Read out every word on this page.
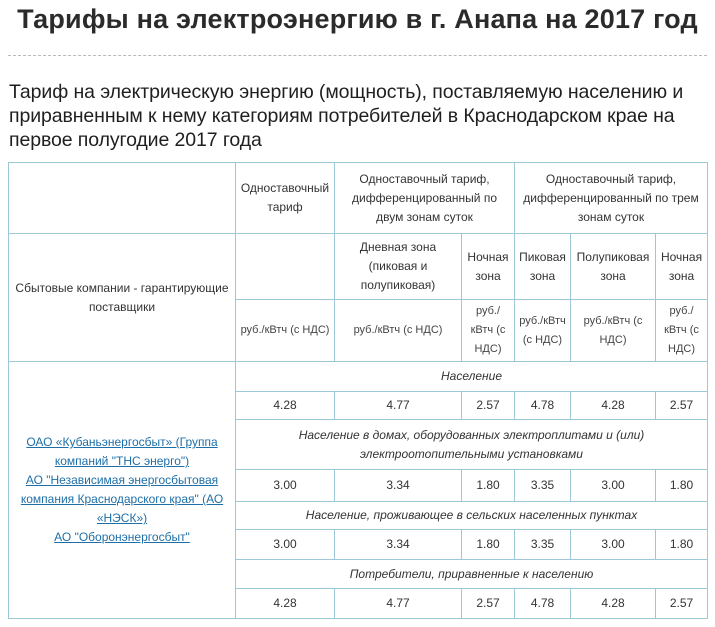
Тарифы на электроэнергию в г. Анапа на 2017 год
Тариф на электрическую энергию (мощность), поставляемую населению и приравненным к нему категориям потребителей в Краснодарском крае на первое полугодие 2017 года
	Одноставочный тариф	Одноставочный тариф, дифференцированный по двум зонам суток		Одноставочный тариф, дифференцированный по трем зонам суток		
Сбытовые компании - гарантирующие поставщики		Дневная зона (пиковая и полупиковая)	Ночная зона	Пиковая зона	Полупиковая зона	Ночная зона
	руб./кВтч (с НДС)	руб./кВтч (с НДС)	руб./кВтч (с НДС)	руб./кВтч (с НДС)	руб./кВтч (с НДС)	руб./кВтч (с НДС)
ОАО «Кубаньэнергосбыт» (Группа компаний "ТНС энерго")
АО "Независимая энергосбытовая компания Краснодарского края" (АО «НЭСК»)
АО "Оборонэнергосбыт"	Население					
	4.28	4.77	2.57	4.78	4.28	2.57
	Население в домах, оборудованных электроплитами и (или) электроотопительными установками					
	3.00	3.34	1.80	3.35	3.00	1.80
	Население, проживающее в сельских населенных пунктах					
	3.00	3.34	1.80	3.35	3.00	1.80
	Потребители, приравненные к населению					
	4.28	4.77	2.57	4.78	4.28	2.57
